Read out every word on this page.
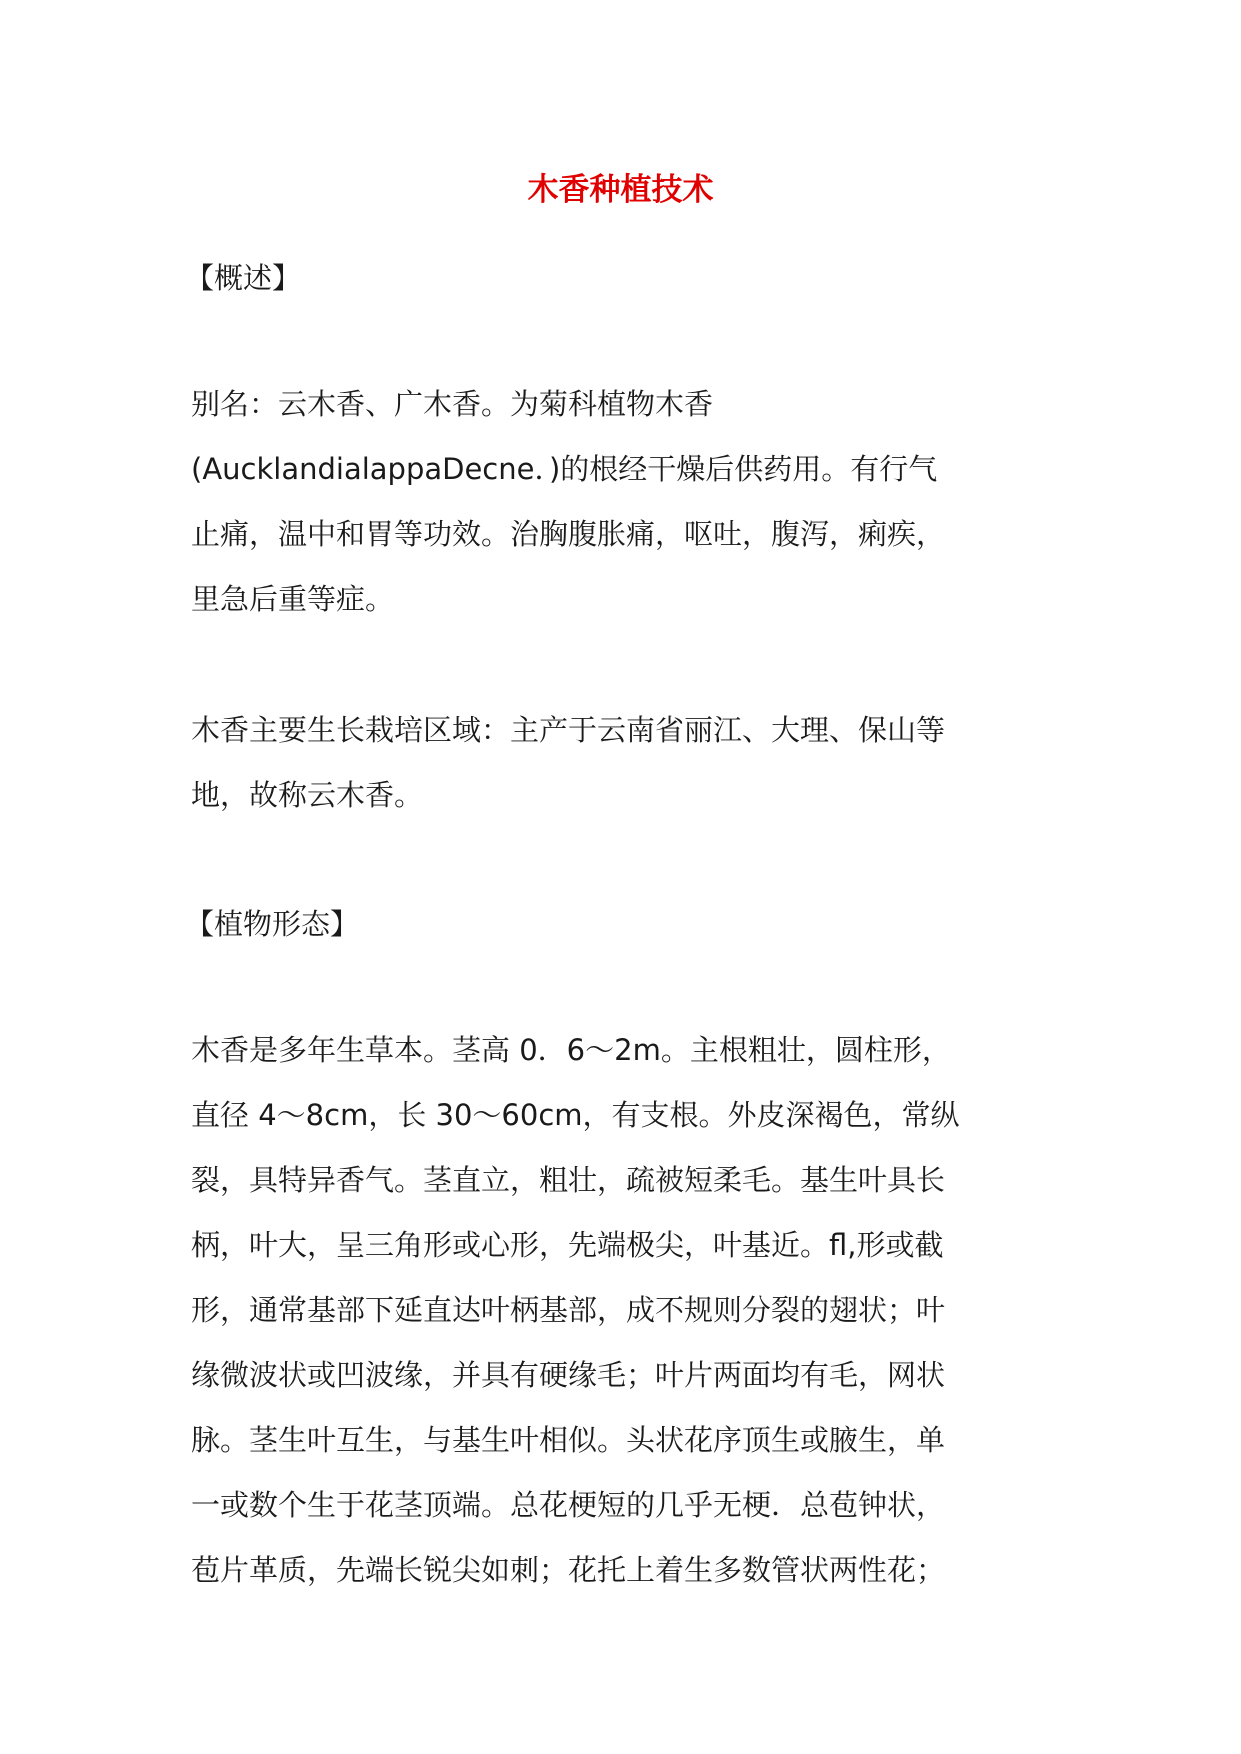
木香种植技术
【概述】
别名：云木香、广木香。为菊科植物木香
(AucklandialappaDecne．)的根经干燥后供药用。有行气
止痛，温中和胃等功效。治胸腹胀痛，呕吐，腹泻，痢疾，
里急后重等症。
木香主要生长栽培区域：主产于云南省丽江、大理、保山等
地，故称云木香。
【植物形态】
木香是多年生草本。茎高 0．6～2m。主根粗壮，圆柱形，
直径 4～8cm，长 30～60cm，有支根。外皮深褐色，常纵
裂，具特异香气。茎直立，粗壮，疏被短柔毛。基生叶具长
柄，叶大，呈三角形或心形，先端极尖，叶基近。fl,形或截
形，通常基部下延直达叶柄基部，成不规则分裂的翅状；叶
缘微波状或凹波缘，并具有硬缘毛；叶片两面均有毛，网状
脉。茎生叶互生，与基生叶相似。头状花序顶生或腋生，单
一或数个生于花茎顶端。总花梗短的几乎无梗．总苞钟状，
苞片革质，先端长锐尖如刺；花托上着生多数管状两性花；
